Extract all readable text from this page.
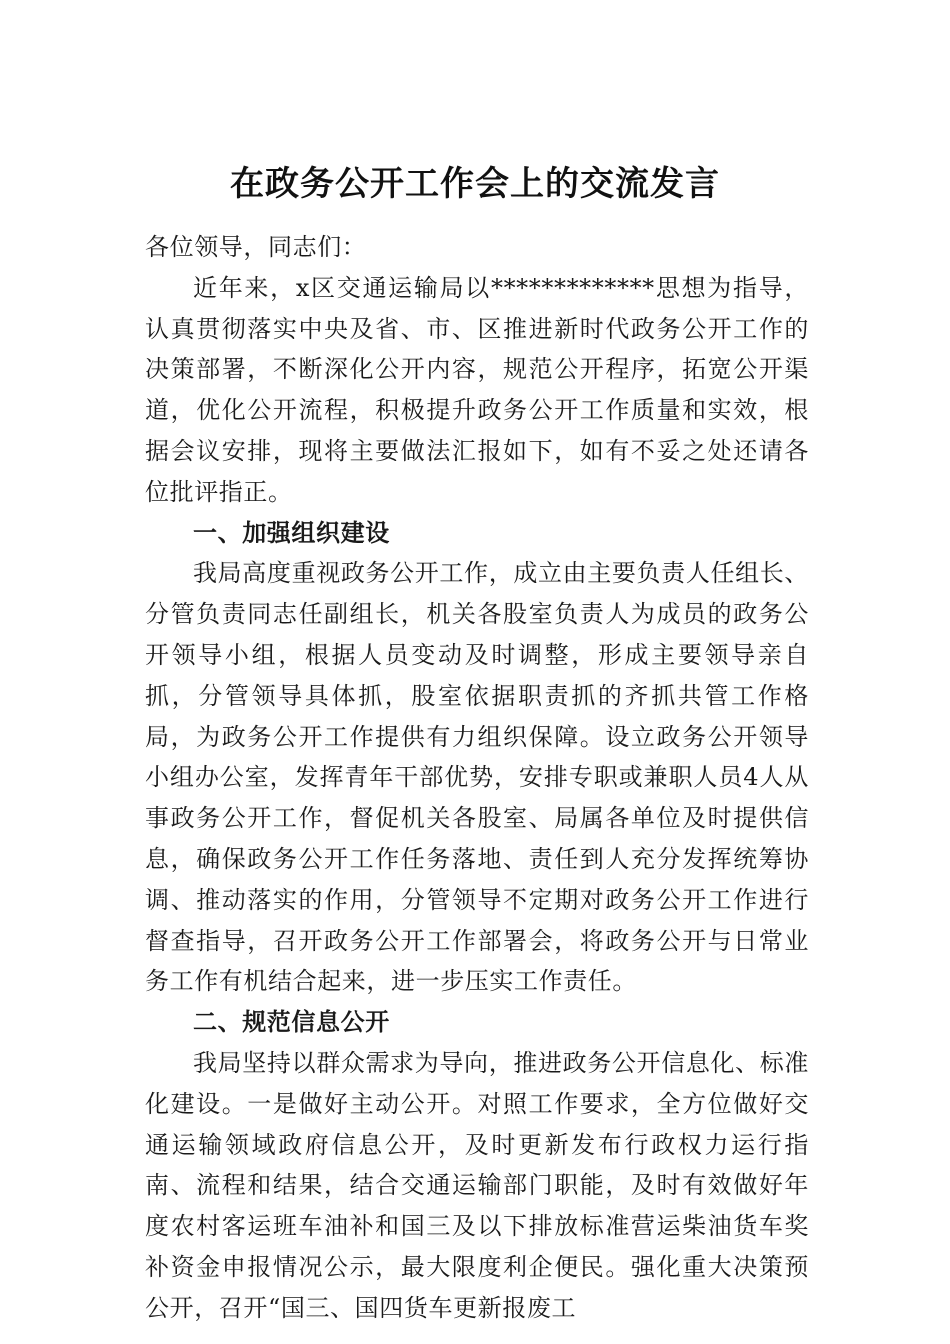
在政务公开工作会上的交流发言

各位领导，同志们：

近年来，x区交通运输局以*************思想为指导，认真贯彻落实中央及省、市、区推进新时代政务公开工作的决策部署，不断深化公开内容，规范公开程序，拓宽公开渠道，优化公开流程，积极提升政务公开工作质量和实效，根据会议安排，现将主要做法汇报如下，如有不妥之处还请各位批评指正。

一、加强组织建设

我局高度重视政务公开工作，成立由主要负责人任组长、分管负责同志任副组长，机关各股室负责人为成员的政务公开领导小组，根据人员变动及时调整，形成主要领导亲自抓，分管领导具体抓，股室依据职责抓的齐抓共管工作格局，为政务公开工作提供有力组织保障。设立政务公开领导小组办公室，发挥青年干部优势，安排专职或兼职人员4人从事政务公开工作，督促机关各股室、局属各单位及时提供信息，确保政务公开工作任务落地、责任到人充分发挥统筹协调、推动落实的作用，分管领导不定期对政务公开工作进行督查指导，召开政务公开工作部署会，将政务公开与日常业务工作有机结合起来，进一步压实工作责任。

二、规范信息公开

我局坚持以群众需求为导向，推进政务公开信息化、标准化建设。一是做好主动公开。对照工作要求，全方位做好交通运输领域政府信息公开，及时更新发布行政权力运行指南、流程和结果，结合交通运输部门职能，及时有效做好年度农村客运班车油补和国三及以下排放标准营运柴油货车奖补资金申报情况公示，最大限度利企便民。强化重大决策预公开，召开“国三、国四货车更新报废工
